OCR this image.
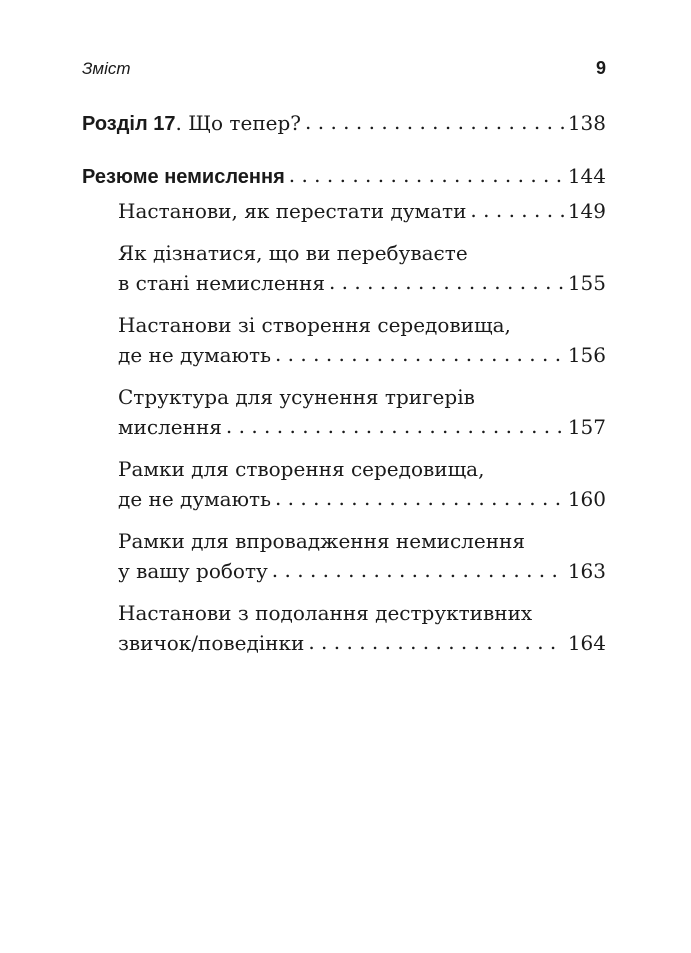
Зміст	9
Розділ 17. Що тепер? . . .	138
Резюме немислення . . .	144
Настанови, як перестати думати . . .	149
Як дізнатися, що ви перебуваєте
в стані немислення . . .	155
Настанови зі створення середовища,
де не думають . . .	156
Структура для усунення тригерів
мислення . . .	157
Рамки для створення середовища,
де не думають . . .	160
Рамки для впровадження немислення
у вашу роботу . . .	163
Настанови з подолання деструктивних
звичок/поведінки . . .	164
